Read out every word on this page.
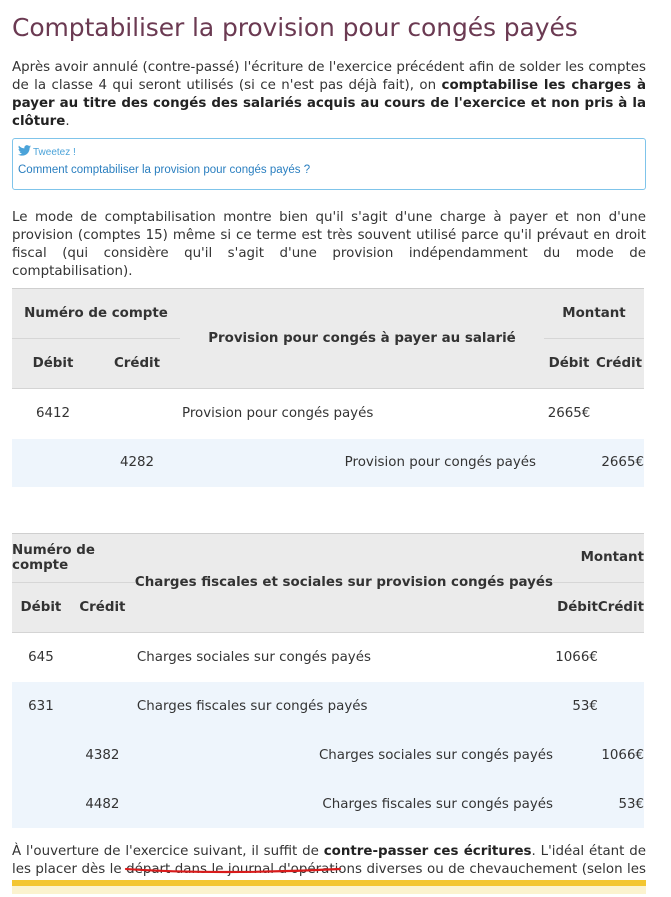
Comptabiliser la provision pour congés payés

Après avoir annulé (contre-passé) l'écriture de l'exercice précédent afin de solder les comptes de la classe 4 qui seront utilisés (si ce n'est pas déjà fait), on comptabilise les charges à payer au titre des congés des salariés acquis au cours de l'exercice et non pris à la clôture.

Tweetez !
Comment comptabiliser la provision pour congés payés ?

Le mode de comptabilisation montre bien qu'il s'agit d'une charge à payer et non d'une provision (comptes 15) même si ce terme est très souvent utilisé parce qu'il prévaut en droit fiscal (qui considère qu'il s'agit d'une provision indépendamment du mode de comptabilisation).

Numéro de compte		Provision pour congés à payer au salarié	Montant	
Débit	Crédit		Débit	Crédit
6412		Provision pour congés payés	2665€	
	4282	Provision pour congés payés		2665€
Numéro de compte		Charges fiscales et sociales sur provision congés payés	Montant	
Débit	Crédit		Débit	Crédit
645		Charges sociales sur congés payés	1066€	
631		Charges fiscales sur congés payés	53€	
	4382	Charges sociales sur congés payés		1066€
	4482	Charges fiscales sur congés payés		53€

À l'ouverture de l'exercice suivant, il suffit de contre-passer ces écritures. L'idéal étant de les placer dès le départ dans le journal d'opérations diverses ou de chevauchement (selon les
